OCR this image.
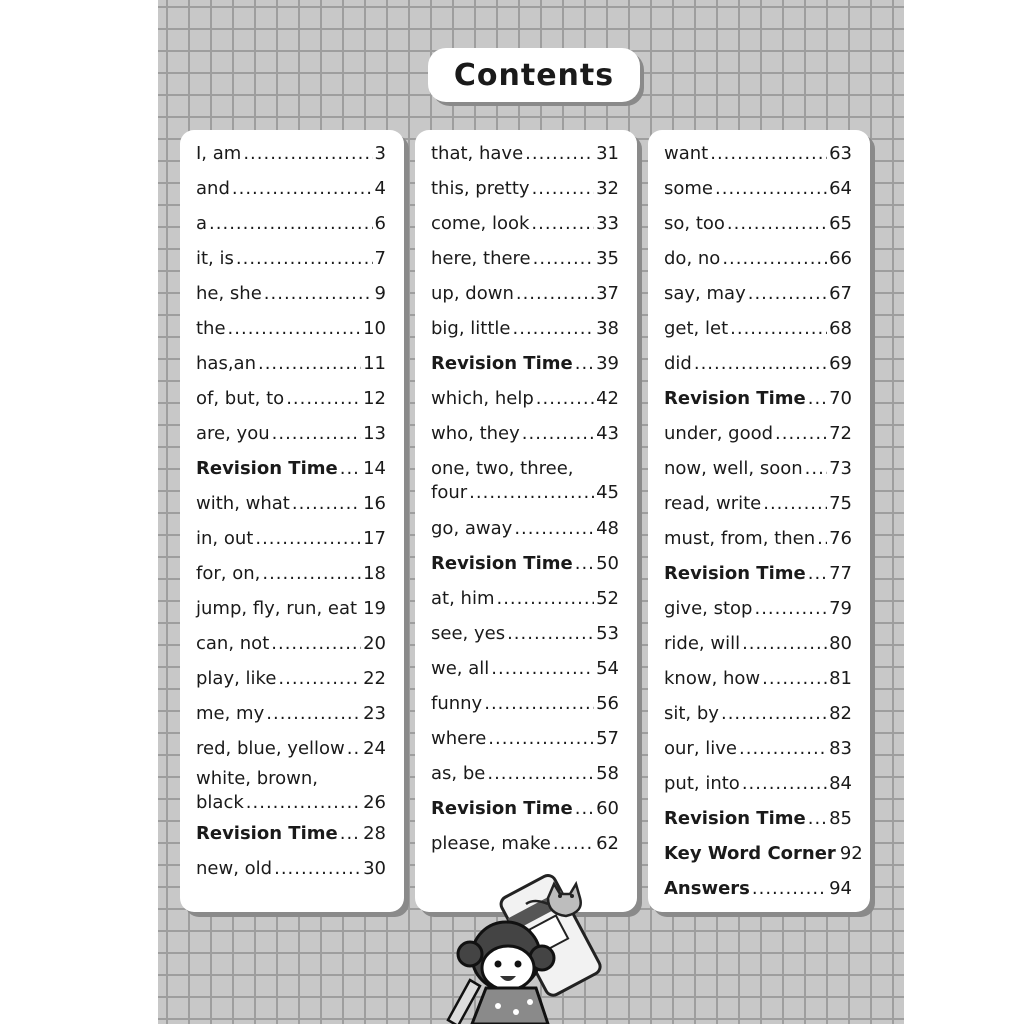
Contents
I, am .....	3
and .....	4
a .....	6
it, is .....	7
he, she .....	9
the .....	10
has,an .....	11
of, but, to .....	12
are, you .....	13
Revision Time ..... 14
with, what .....	16
in, out .....	17
for, on, .....	18
jump, fly, run, eat ..... 19
can, not .....	20
play, like .....	22
me, my .....	23
red, blue, yellow ..... 24
white, brown,
black .....	26
Revision Time ..... 28
new, old .....	30
that, have .....	31
this, pretty .....	32
come, look .....	33
here, there .....	35
up, down .....	37
big, little .....	38
Revision Time ..... 39
which, help .....	42
who, they .....	43
one, two, three,
four .....	45
go, away .....	48
Revision Time ..... 50
at, him .....	52
see, yes .....	53
we, all .....	54
funny .....	56
where .....	57
as, be .....	58
Revision Time ..... 60
please, make .....	62
want .....	63
some .....	64
so, too .....	65
do, no .....	66
say, may .....	67
get, let .....	68
did .....	69
Revision Time ..... 70
under, good .....	72
now, well, soon ..... 73
read, write .....	75
must, from, then ..... 76
Revision Time ..... 77
give, stop .....	79
ride, will .....	80
know, how .....	81
sit, by .....	82
our, live .....	83
put, into .....	84
Revision Time ..... 85
Key Word Corner 92
Answers .....	94
